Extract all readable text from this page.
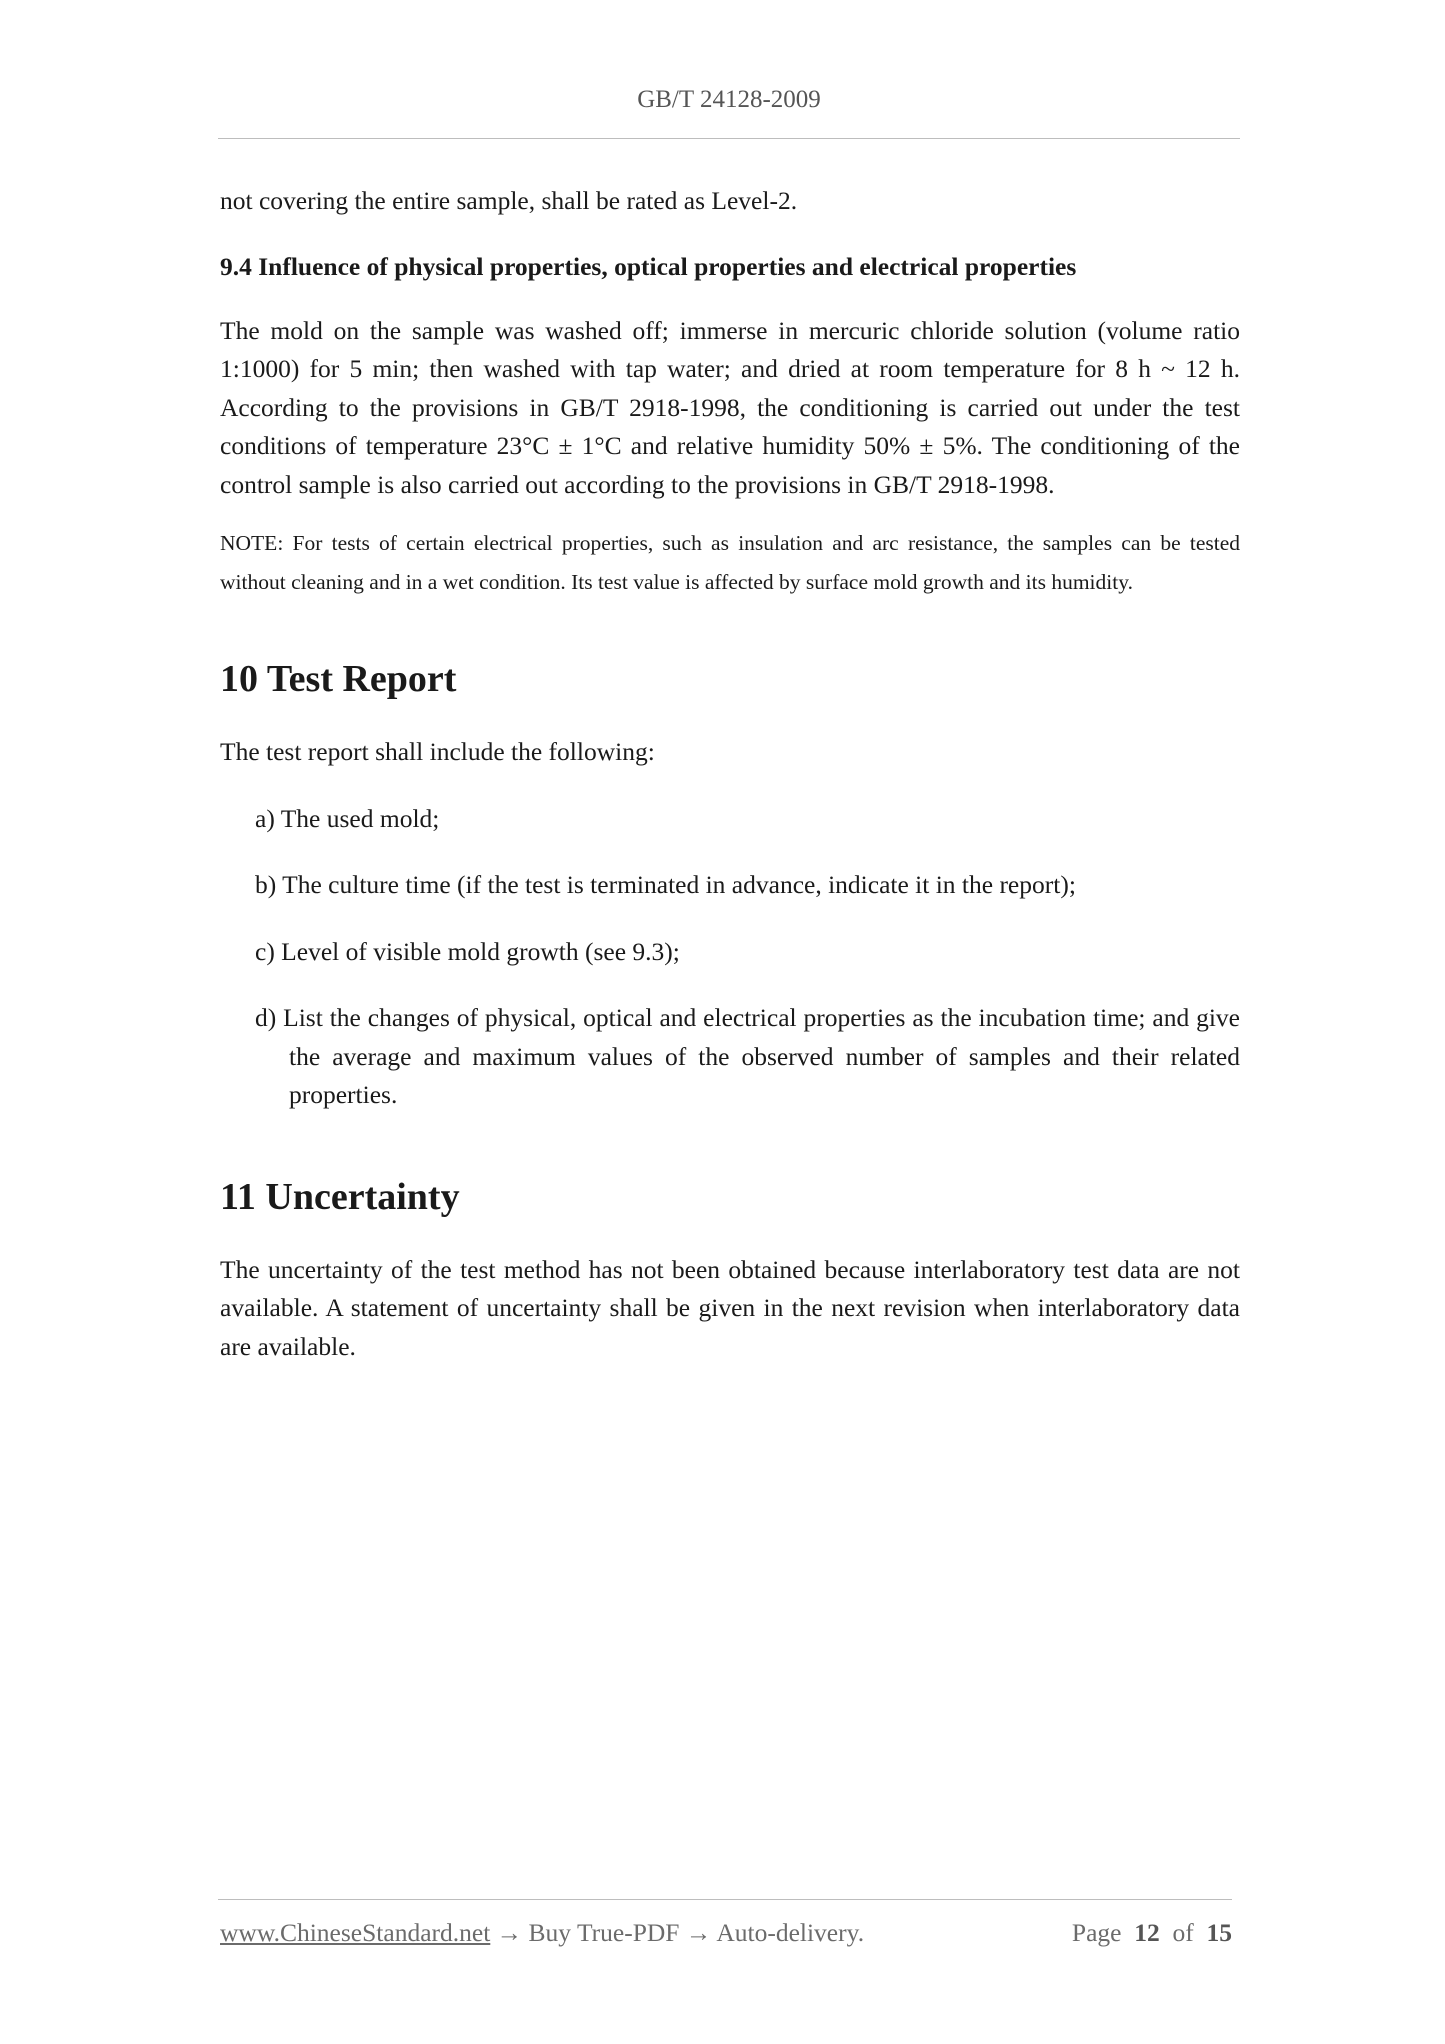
GB/T 24128-2009

not covering the entire sample, shall be rated as Level-2.

9.4 Influence of physical properties, optical properties and electrical properties

The mold on the sample was washed off; immerse in mercuric chloride solution (volume ratio 1:1000) for 5 min; then washed with tap water; and dried at room temperature for 8 h ~ 12 h. According to the provisions in GB/T 2918-1998, the conditioning is carried out under the test conditions of temperature 23°C ± 1°C and relative humidity 50% ± 5%. The conditioning of the control sample is also carried out according to the provisions in GB/T 2918-1998.

NOTE: For tests of certain electrical properties, such as insulation and arc resistance, the samples can be tested without cleaning and in a wet condition. Its test value is affected by surface mold growth and its humidity.

10 Test Report

The test report shall include the following:

a) The used mold;

b) The culture time (if the test is terminated in advance, indicate it in the report);

c) Level of visible mold growth (see 9.3);

d) List the changes of physical, optical and electrical properties as the incubation time; and give the average and maximum values of the observed number of samples and their related properties.

11 Uncertainty

The uncertainty of the test method has not been obtained because interlaboratory test data are not available. A statement of uncertainty shall be given in the next revision when interlaboratory data are available.

www.ChineseStandard.net → Buy True-PDF → Auto-delivery.	Page 12 of 15
